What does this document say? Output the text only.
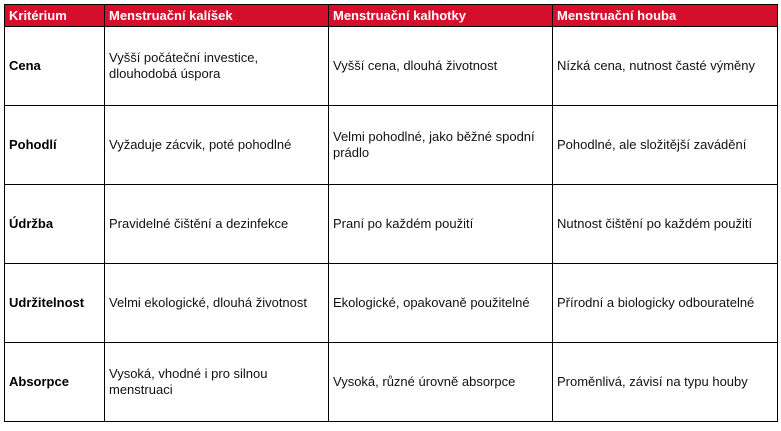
Kritérium	Menstruační kalíšek	Menstruační kalhotky	Menstruační houba
Cena	Vyšší počáteční investice, dlouhodobá úspora	Vyšší cena, dlouhá životnost	Nízká cena, nutnost časté výměny
Pohodlí	Vyžaduje zácvik, poté pohodlné	Velmi pohodlné, jako běžné spodní prádlo	Pohodlné, ale složitější zavádění
Údržba	Pravidelné čištění a dezinfekce	Praní po každém použití	Nutnost čištění po každém použití
Udržitelnost	Velmi ekologické, dlouhá životnost	Ekologické, opakovaně použitelné	Přírodní a biologicky odbouratelné
Absorpce	Vysoká, vhodné i pro silnou menstruaci	Vysoká, různé úrovně absorpce	Proměnlivá, závisí na typu houby
